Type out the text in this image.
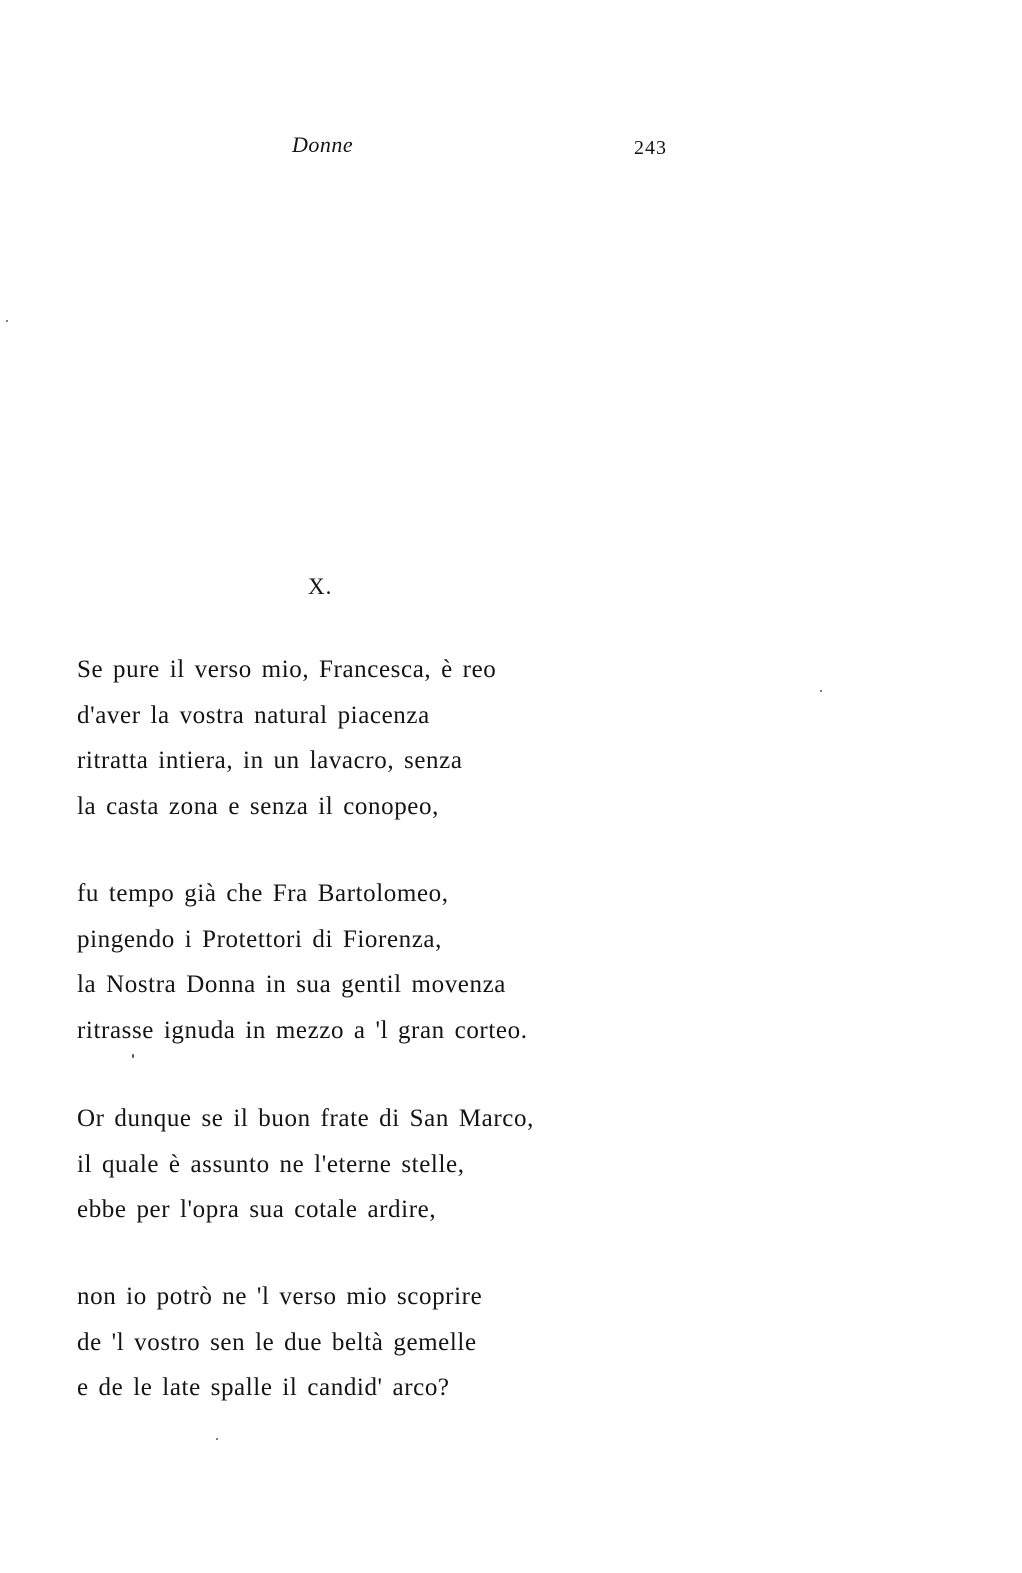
Donne	243
X.
Se pure il verso mio, Francesca, è reo
d'aver la vostra natural piacenza
ritratta intiera, in un lavacro, senza
la casta zona e senza il conopeo,
fu tempo già che Fra Bartolomeo,
pingendo i Protettori di Fiorenza,
la Nostra Donna in sua gentil movenza
ritrasse ignuda in mezzo a 'l gran corteo.
Or dunque se il buon frate di San Marco,
il quale è assunto ne l'eterne stelle,
ebbe per l'opra sua cotale ardire,
non io potrò ne 'l verso mio scoprire
de 'l vostro sen le due beltà gemelle
e de le late spalle il candid' arco?
